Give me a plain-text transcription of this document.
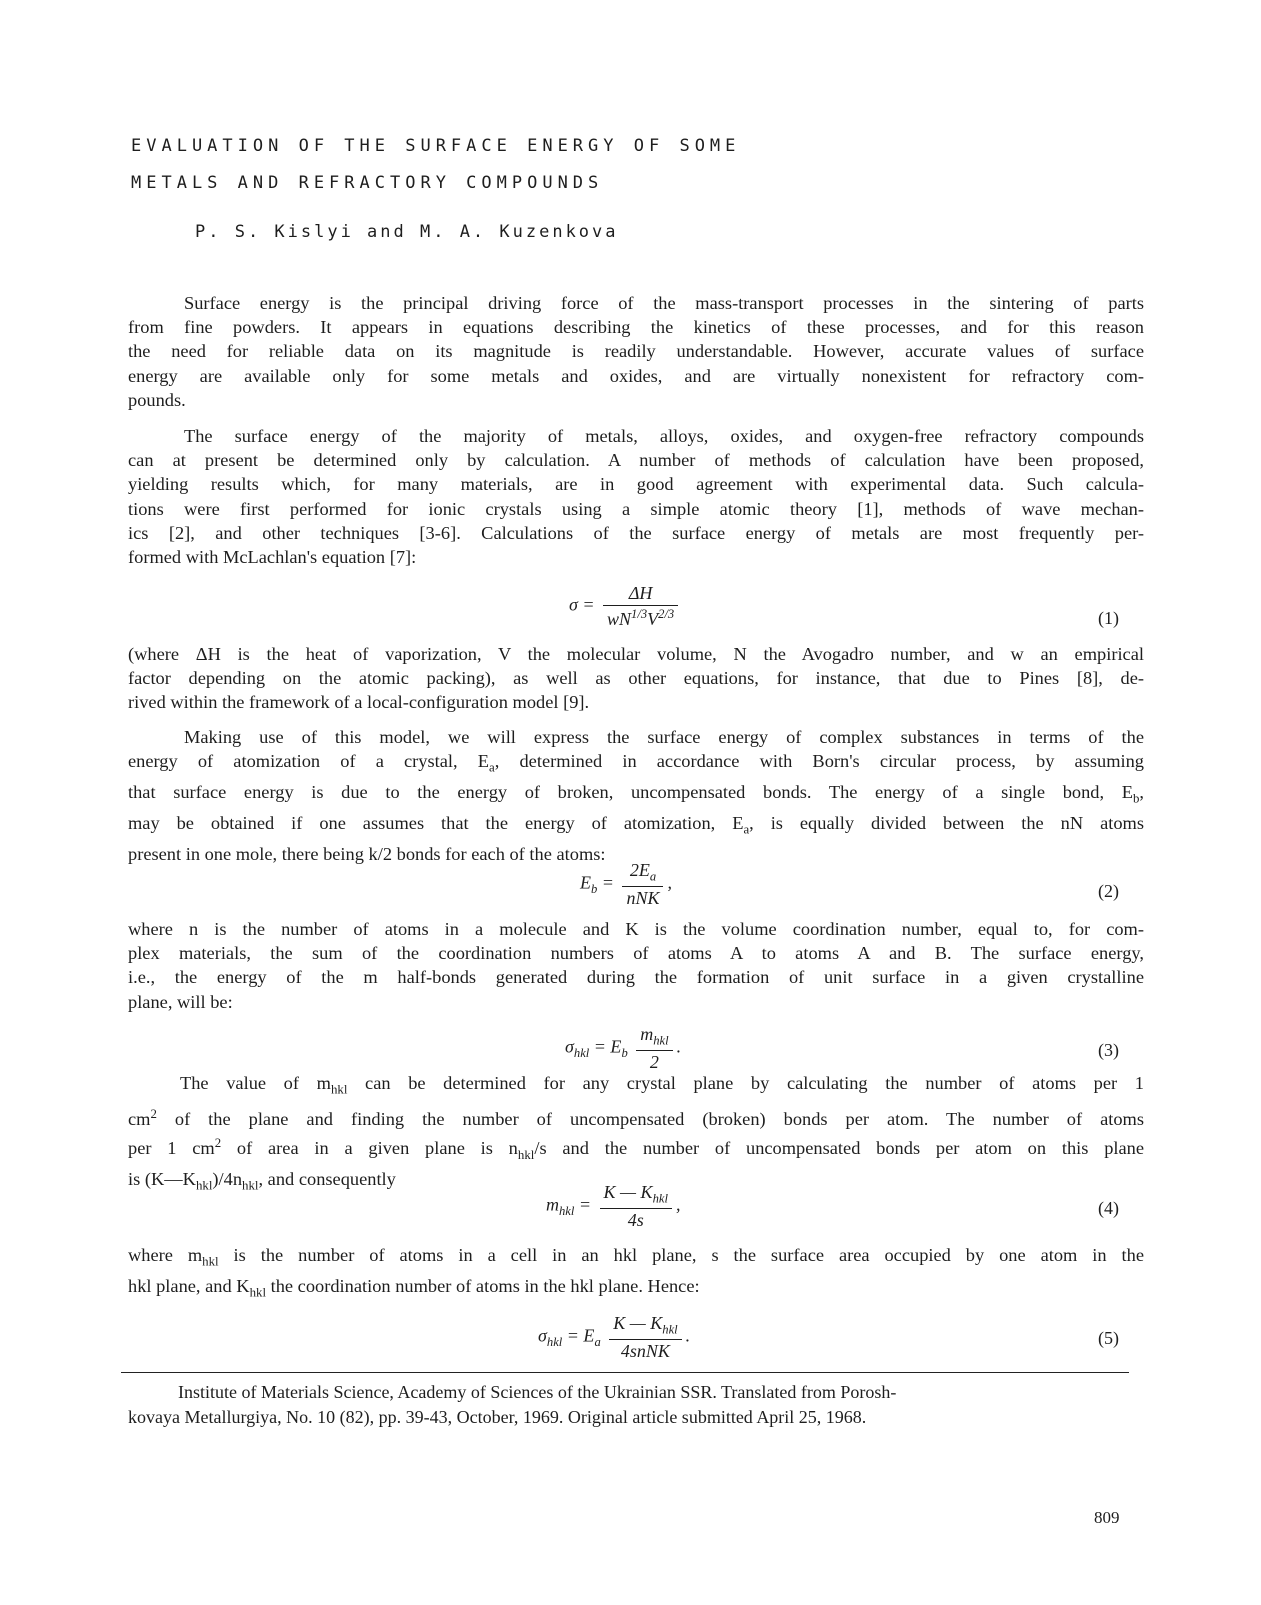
EVALUATION OF THE SURFACE ENERGY OF SOME
METALS AND REFRACTORY COMPOUNDS
P. S. Kislyi and M. A. Kuzenkova
Surface energy is the principal driving force of the mass-transport processes in the sintering of parts
from fine powders. It appears in equations describing the kinetics of these processes, and for this reason
the need for reliable data on its magnitude is readily understandable. However, accurate values of surface
energy are available only for some metals and oxides, and are virtually nonexistent for refractory com-
pounds.
The surface energy of the majority of metals, alloys, oxides, and oxygen-free refractory compounds
can at present be determined only by calculation. A number of methods of calculation have been proposed,
yielding results which, for many materials, are in good agreement with experimental data. Such calcula-
tions were first performed for ionic crystals using a simple atomic theory [1], methods of wave mechan-
ics [2], and other techniques [3-6]. Calculations of the surface energy of metals are most frequently per-
formed with McLachlan's equation [7]:
$\sigma = \frac{\Delta H}{wN^{1/3}V^{2/3}}$	(1)
(where ΔH is the heat of vaporization, V the molecular volume, N the Avogadro number, and w an empirical
factor depending on the atomic packing), as well as other equations, for instance, that due to Pines [8], de-
rived within the framework of a local-configuration model [9].
Making use of this model, we will express the surface energy of complex substances in terms of the
energy of atomization of a crystal, $E_a$, determined in accordance with Born's circular process, by assuming
that surface energy is due to the energy of broken, uncompensated bonds. The energy of a single bond, $E_b$,
may be obtained if one assumes that the energy of atomization, $E_a$, is equally divided between the nN atoms
present in one mole, there being k/2 bonds for each of the atoms:
$E_b = \frac{2E_a}{\text{nNK}}$ ,	(2)
where n is the number of atoms in a molecule and K is the volume coordination number, equal to, for com-
plex materials, the sum of the coordination numbers of atoms A to atoms A and B. The surface energy,
i.e., the energy of the m half-bonds generated during the formation of unit surface in a given crystalline
plane, will be:
$\sigma_{hkl} = E_b \frac{m_{hkl}}{2}$ .	(3)
The value of $m_{hkl}$ can be determined for any crystal plane by calculating the number of atoms per 1
$cm^2$ of the plane and finding the number of uncompensated (broken) bonds per atom. The number of atoms
per 1 $cm^2$ of area in a given plane is $n_{hkl}/s$ and the number of uncompensated bonds per atom on this plane
is $(K—K_{hkl})/4n_{hkl}$, and consequently
$m_{hkl} = \frac{K — K_{hkl}}{4s}$ ,	(4)
where $m_{hkl}$ is the number of atoms in a cell in an hkl plane, s the surface area occupied by one atom in the
hkl plane, and $K_{hkl}$ the coordination number of atoms in the hkl plane. Hence:
$\sigma_{hkl} = E_a \frac{K — K_{hkl}}{\text{4snNK}}$ .	(5)
Institute of Materials Science, Academy of Sciences of the Ukrainian SSR. Translated from Porosh-
kovaya Metallurgiya, No. 10 (82), pp. 39-43, October, 1969. Original article submitted April 25, 1968.
809
